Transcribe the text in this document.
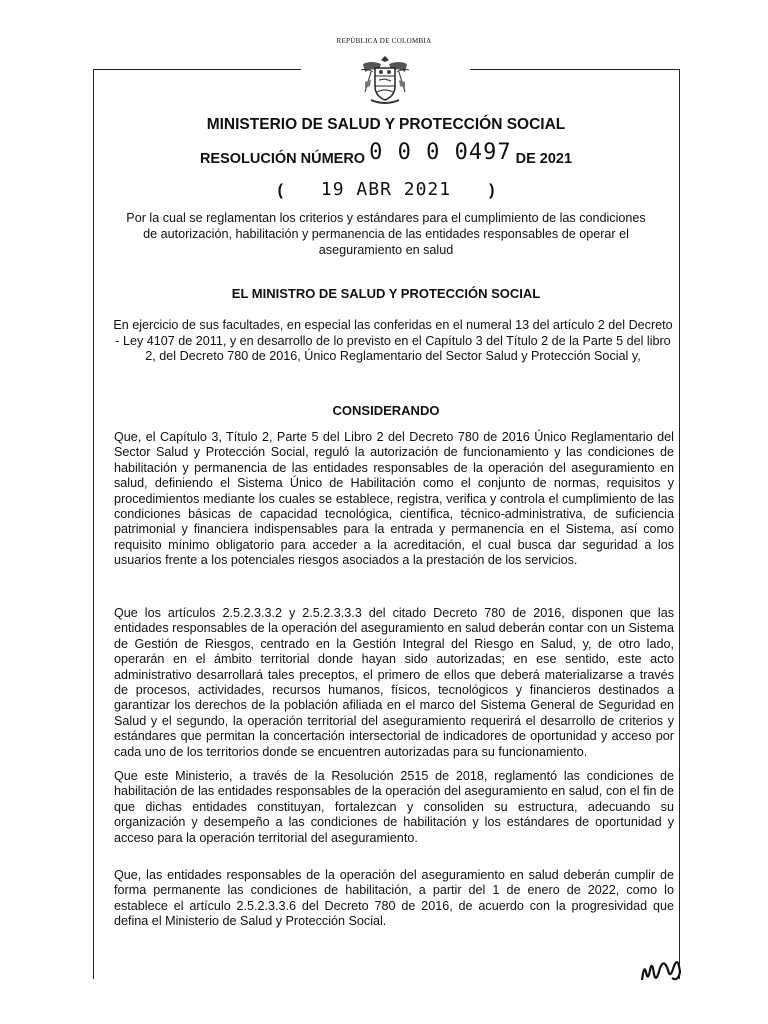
REPÚBLICA DE COLOMBIA
MINISTERIO DE SALUD Y PROTECCIÓN SOCIAL
RESOLUCIÓN NÚMERO 0 0 0 0497 DE 2021
( 19 ABR 2021 )
Por la cual se reglamentan los criterios y estándares para el cumplimiento de las condiciones de autorización, habilitación y permanencia de las entidades responsables de operar el aseguramiento en salud
EL MINISTRO DE SALUD Y PROTECCIÓN SOCIAL
En ejercicio de sus facultades, en especial las conferidas en el numeral 13 del artículo 2 del Decreto - Ley 4107 de 2011, y en desarrollo de lo previsto en el Capítulo 3 del Título 2 de la Parte 5 del libro 2, del Decreto 780 de 2016, Único Reglamentario del Sector Salud y Protección Social y,
CONSIDERANDO

Que, el Capítulo 3, Título 2, Parte 5 del Libro 2 del Decreto 780 de 2016 Único Reglamentario del Sector Salud y Protección Social, reguló la autorización de funcionamiento y las condiciones de habilitación y permanencia de las entidades responsables de la operación del aseguramiento en salud, definiendo el Sistema Único de Habilitación como el conjunto de normas, requisitos y procedimientos mediante los cuales se establece, registra, verifica y controla el cumplimiento de las condiciones básicas de capacidad tecnológica, científica, técnico-administrativa, de suficiencia patrimonial y financiera indispensables para la entrada y permanencia en el Sistema, así como requisito mínimo obligatorio para acceder a la acreditación, el cual busca dar seguridad a los usuarios frente a los potenciales riesgos asociados a la prestación de los servicios.

Que los artículos 2.5.2.3.3.2 y 2.5.2.3.3.3 del citado Decreto 780 de 2016, disponen que las entidades responsables de la operación del aseguramiento en salud deberán contar con un Sistema de Gestión de Riesgos, centrado en la Gestión Integral del Riesgo en Salud, y, de otro lado, operarán en el ámbito territorial donde hayan sido autorizadas; en ese sentido, este acto administrativo desarrollará tales preceptos, el primero de ellos que deberá materializarse a través de procesos, actividades, recursos humanos, físicos, tecnológicos y financieros destinados a garantizar los derechos de la población afiliada en el marco del Sistema General de Seguridad en Salud y el segundo, la operación territorial del aseguramiento requerirá el desarrollo de criterios y estándares que permitan la concertación intersectorial de indicadores de oportunidad y acceso por cada uno de los territorios donde se encuentren autorizadas para su funcionamiento.

Que este Ministerio, a través de la Resolución 2515 de 2018, reglamentó las condiciones de habilitación de las entidades responsables de la operación del aseguramiento en salud, con el fin de que dichas entidades constituyan, fortalezcan y consoliden su estructura, adecuando su organización y desempeño a las condiciones de habilitación y los estándares de oportunidad y acceso para la operación territorial del aseguramiento.

Que, las entidades responsables de la operación del aseguramiento en salud deberán cumplir de forma permanente las condiciones de habilitación, a partir del 1 de enero de 2022, como lo establece el artículo 2.5.2.3.3.6 del Decreto 780 de 2016, de acuerdo con la progresividad que defina el Ministerio de Salud y Protección Social.
